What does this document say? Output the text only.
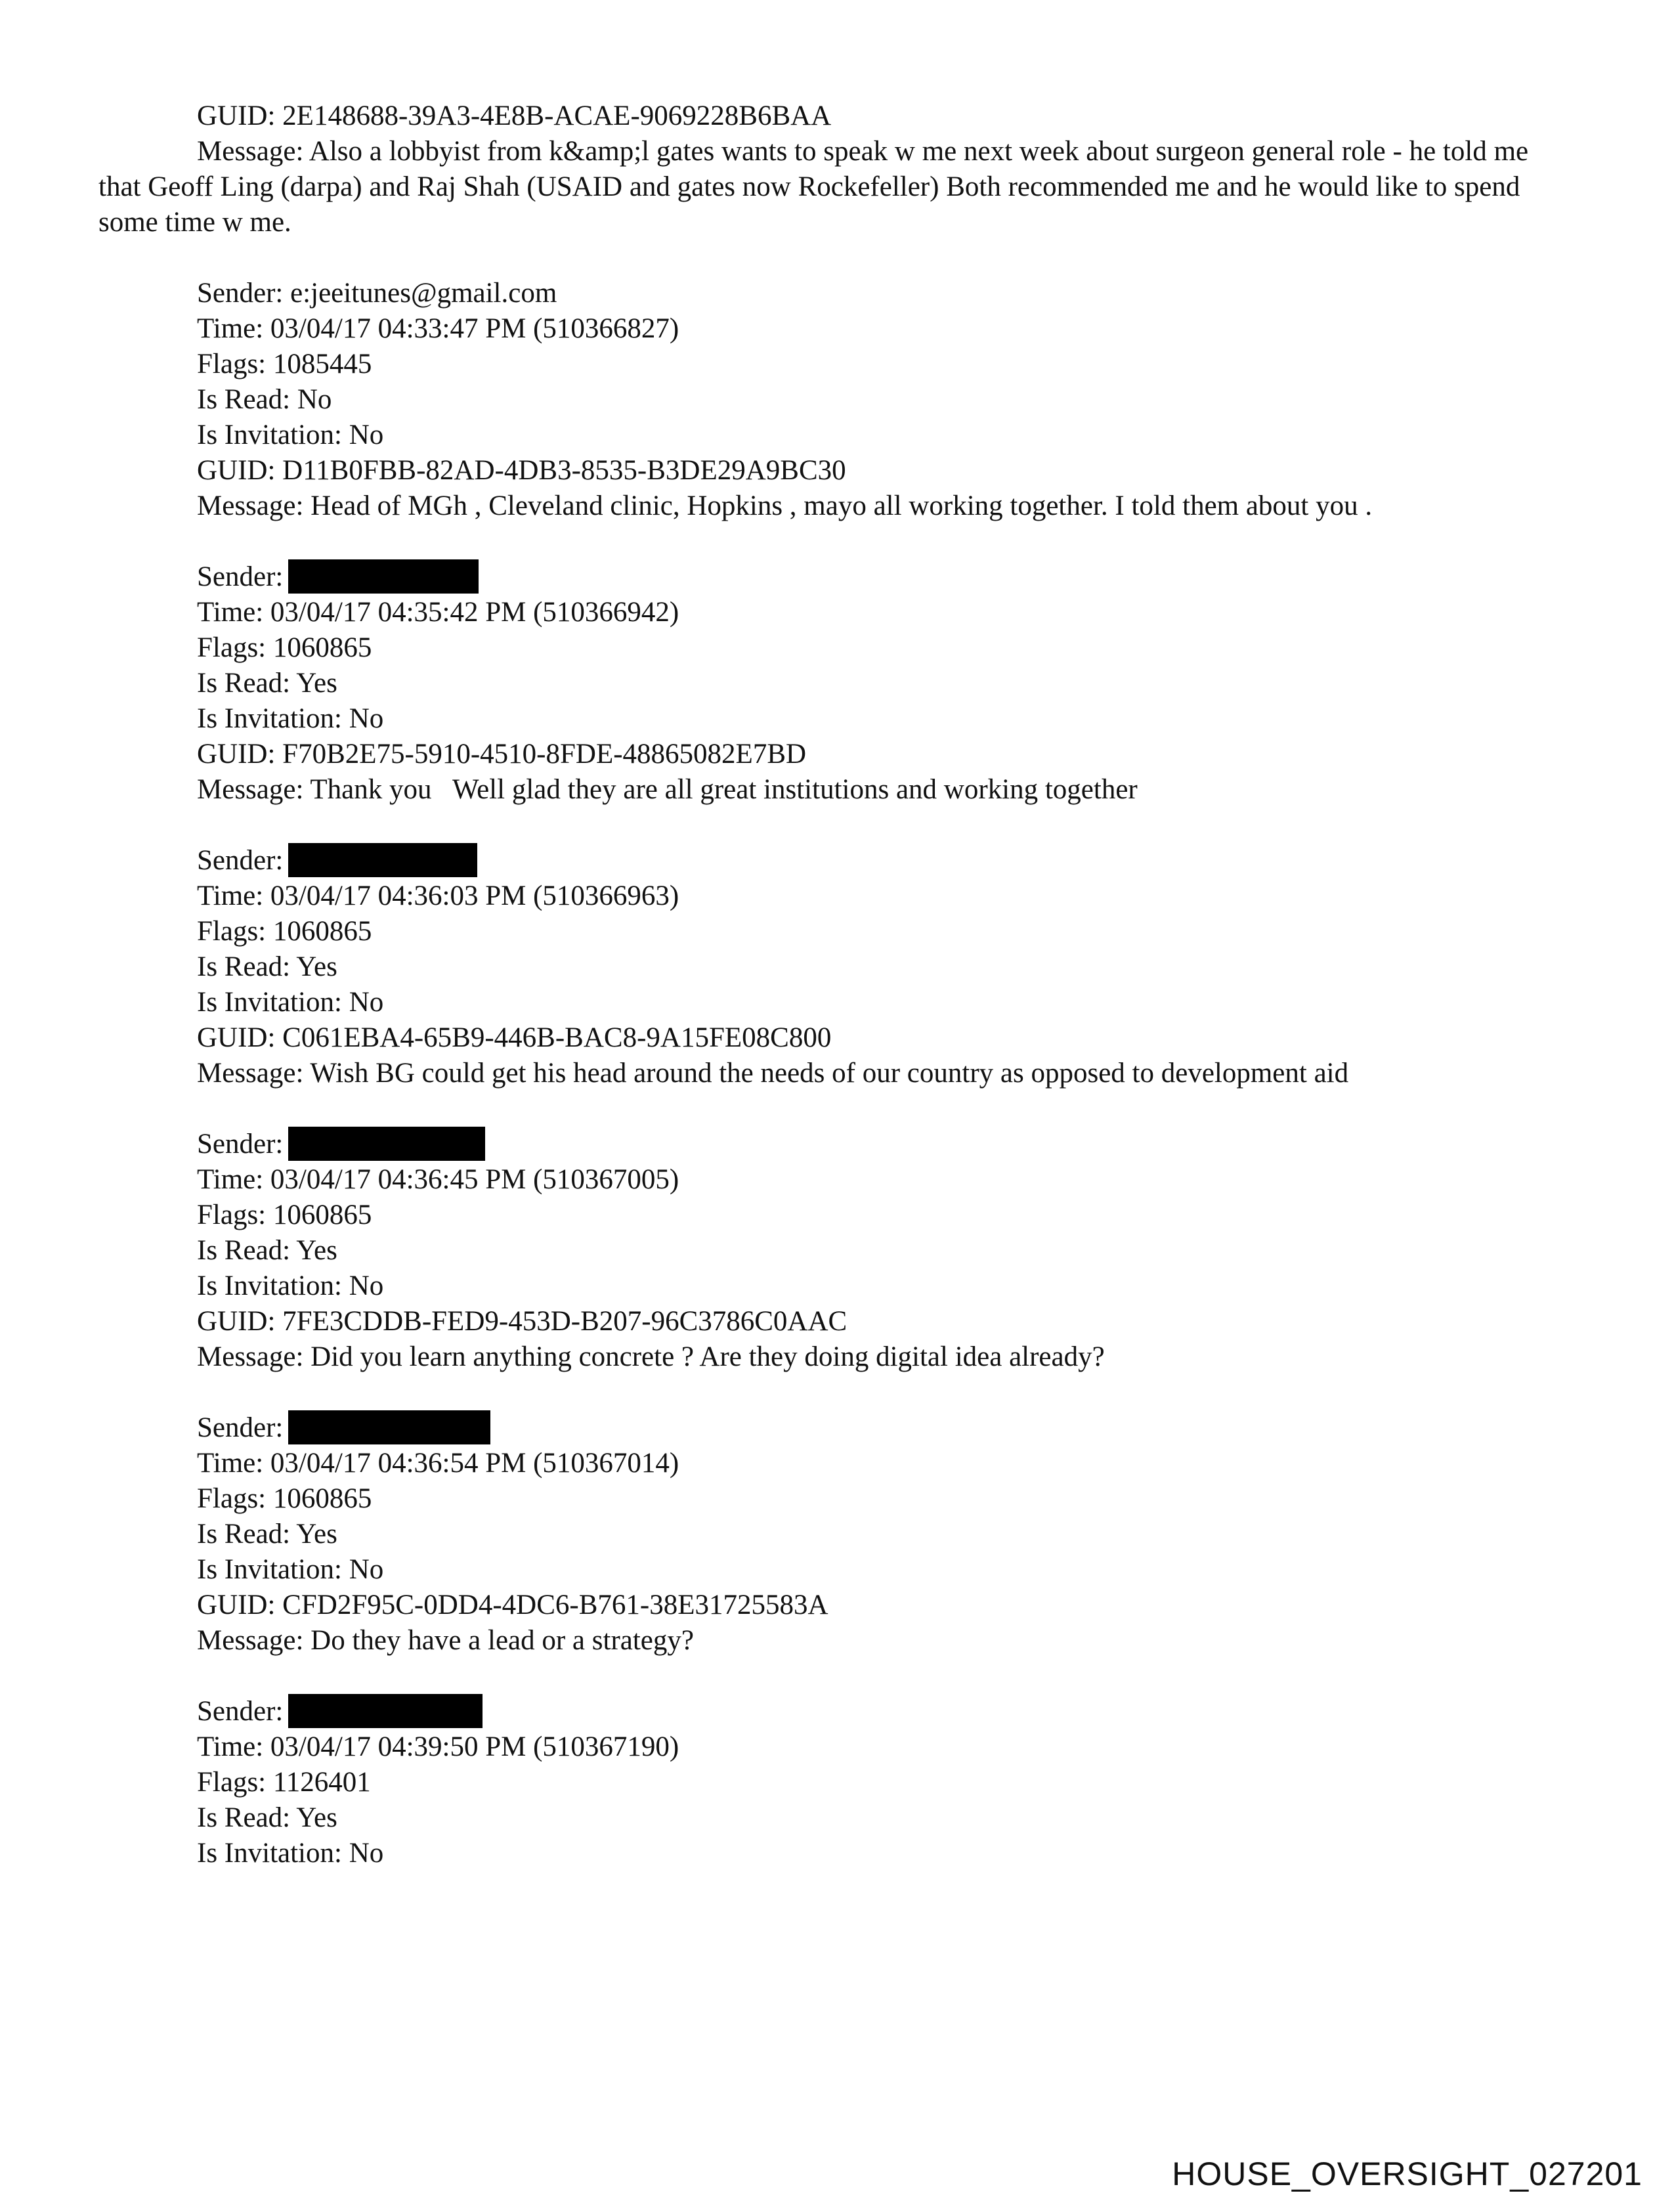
GUID: 2E148688-39A3-4E8B-ACAE-9069228B6BAA
Message: Also a lobbyist from k&amp;l gates wants to speak w me next week about surgeon general role - he told me that Geoff Ling (darpa) and Raj Shah (USAID and gates now Rockefeller) Both recommended me and he would like to spend some time w me.
Sender: e:jeeitunes@gmail.com
Time: 03/04/17 04:33:47 PM (510366827)
Flags: 1085445
Is Read: No
Is Invitation: No
GUID: D11B0FBB-82AD-4DB3-8535-B3DE29A9BC30
Message: Head of MGh , Cleveland clinic, Hopkins , mayo all working together. I told them about you .
Sender:
Time: 03/04/17 04:35:42 PM (510366942)
Flags: 1060865
Is Read: Yes
Is Invitation: No
GUID: F70B2E75-5910-4510-8FDE-48865082E7BD
Message: Thank you   Well glad they are all great institutions and working together
Sender:
Time: 03/04/17 04:36:03 PM (510366963)
Flags: 1060865
Is Read: Yes
Is Invitation: No
GUID: C061EBA4-65B9-446B-BAC8-9A15FE08C800
Message: Wish BG could get his head around the needs of our country as opposed to development aid
Sender:
Time: 03/04/17 04:36:45 PM (510367005)
Flags: 1060865
Is Read: Yes
Is Invitation: No
GUID: 7FE3CDDB-FED9-453D-B207-96C3786C0AAC
Message: Did you learn anything concrete ? Are they doing digital idea already?
Sender:
Time: 03/04/17 04:36:54 PM (510367014)
Flags: 1060865
Is Read: Yes
Is Invitation: No
GUID: CFD2F95C-0DD4-4DC6-B761-38E31725583A
Message: Do they have a lead or a strategy?
Sender:
Time: 03/04/17 04:39:50 PM (510367190)
Flags: 1126401
Is Read: Yes
Is Invitation: No
HOUSE_OVERSIGHT_027201
